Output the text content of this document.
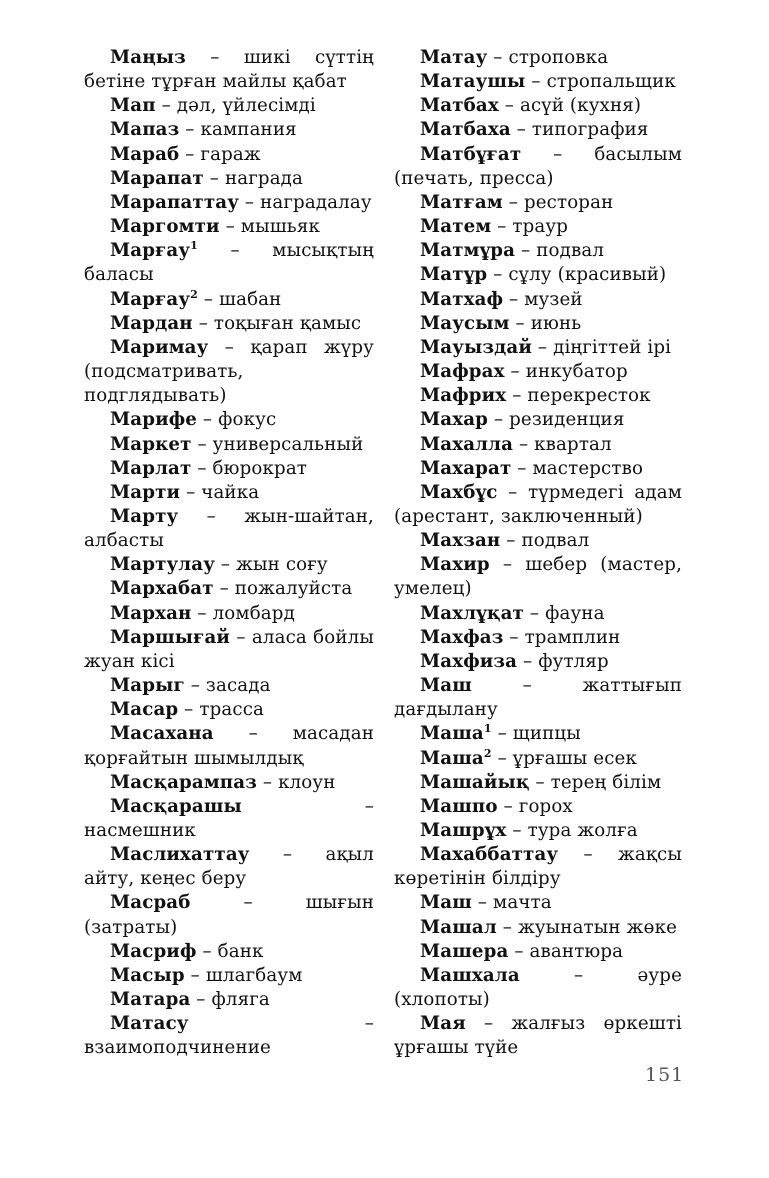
Маңыз – шикі сүттің бетіне тұрған майлы қабат

Мап – дәл, үйлесімді

Мапаз – кампания

Мараб – гараж

Марапат – награда

Марапаттау – наградалау

Маргомти – мышьяк

Марғау$^1$ – мысықтың баласы

Марғау$^2$ – шабан

Мардан – тоқыған қамыс

Маримау – қарап жүру (подсматривать, подглядывать)

Марифе – фокус

Маркет – универсальный

Марлат – бюрократ

Марти – чайка

Марту – жын-шайтан, албасты

Мартулау – жын соғу

Мархабат – пожалуйста

Мархан – ломбард

Маршығай – аласа бойлы жуан кісі

Марыг – засада

Масар – трасса

Масахана – масадан қорғайтын шымылдық

Масқарампаз – клоун

Масқарашы – насмешник

Маслихаттау – ақыл айту, кеңес беру

Масраб – шығын (затраты)

Масриф – банк

Масыр – шлагбаум

Матара – фляга

Матасу – взаимоподчинение

Матау – строповка

Матаушы – стропальщик

Матбах – асүй (кухня)

Матбаха – типография

Матбұғат – басылым (печать, пресса)

Матғам – ресторан

Матем – траур

Матмұра – подвал

Матұр – сұлу (красивый)

Матхаф – музей

Маусым – июнь

Мауыздай – діңгіттей ірі

Мафрах – инкубатор

Мафрих – перекресток

Махар – резиденция

Махалла – квартал

Махарат – мастерство

Махбұс – түрмедегі адам (арестант, заключенный)

Махзан – подвал

Махир – шебер (мастер, умелец)

Махлұқат – фауна

Махфаз – трамплин

Махфиза – футляр

Маш – жаттығып дағдылану

Маша$^1$ – щипцы

Маша$^2$ – ұрғашы есек

Машайық – терең білім

Машпо – горох

Машрұх – тура жолға

Махаббаттау – жақсы көретінін білдіру

Маш – мачта

Машал – жуынатын жөке

Машера – авантюра

Машхала – әуре (хлопоты)

Мая – жалғыз өркешті ұрғашы түйе

151
